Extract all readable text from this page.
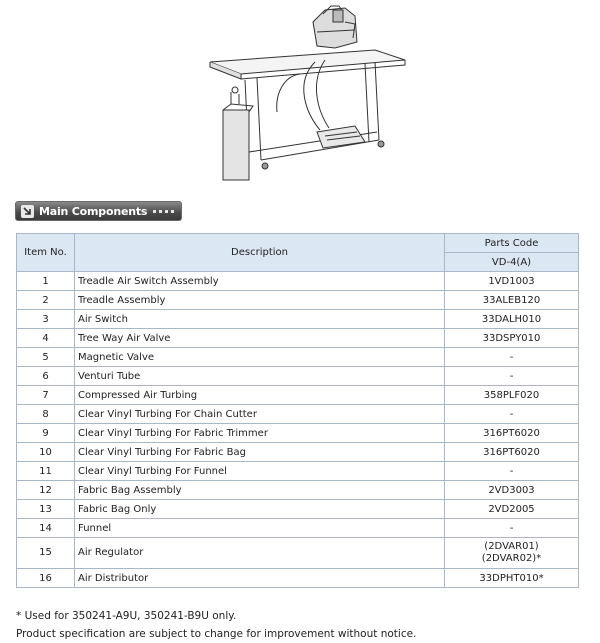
Main Components
Item No.	Description	Parts Code
		VD-4(A)
1	Treadle Air Switch Assembly	1VD1003
2	Treadle Assembly	33ALEB120
3	Air Switch	33DALH010
4	Tree Way Air Valve	33DSPY010
5	Magnetic Valve	-
6	Venturi Tube	-
7	Compressed Air Turbing	358PLF020
8	Clear Vinyl Turbing For Chain Cutter	-
9	Clear Vinyl Turbing For Fabric Trimmer	316PT6020
10	Clear Vinyl Turbing For Fabric Bag	316PT6020
11	Clear Vinyl Turbing For Funnel	-
12	Fabric Bag Assembly	2VD3003
13	Fabric Bag Only	2VD2005
14	Funnel	-
15	Air Regulator	(2DVAR01)
(2DVAR02)*

16	Air Distributor	33DPHT010*
* Used for 350241-A9U, 350241-B9U only.
Product specification are subject to change for improvement without notice.
